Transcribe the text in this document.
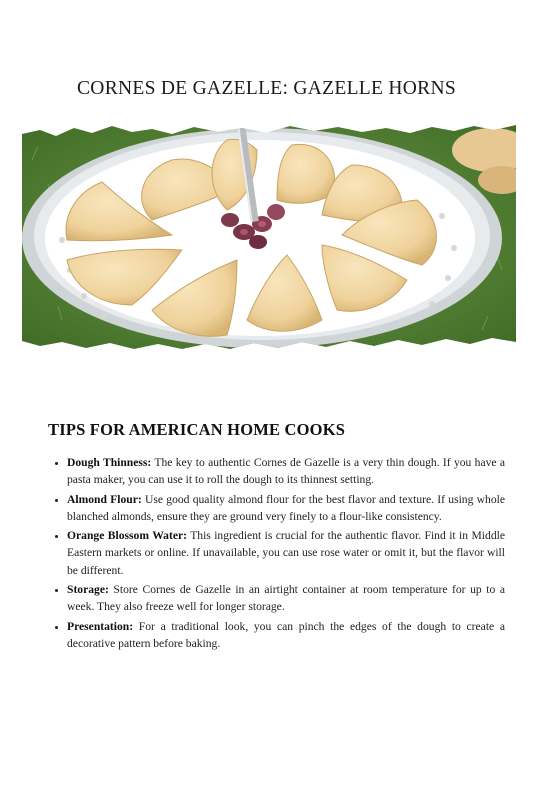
CORNES DE GAZELLE: GAZELLE HORNS
TIPS FOR AMERICAN HOME COOKS
• Dough Thinness: The key to authentic Cornes de Gazelle is a very thin dough. If you have a pasta maker, you can use it to roll the dough to its thinnest setting.
• Almond Flour: Use good quality almond flour for the best flavor and texture. If using whole blanched almonds, ensure they are ground very finely to a flour-like consistency.
• Orange Blossom Water: This ingredient is crucial for the authentic flavor. Find it in Middle Eastern markets or online. If unavailable, you can use rose water or omit it, but the flavor will be different.
• Storage: Store Cornes de Gazelle in an airtight container at room temperature for up to a week. They also freeze well for longer storage.
• Presentation: For a traditional look, you can pinch the edges of the dough to create a decorative pattern before baking.
